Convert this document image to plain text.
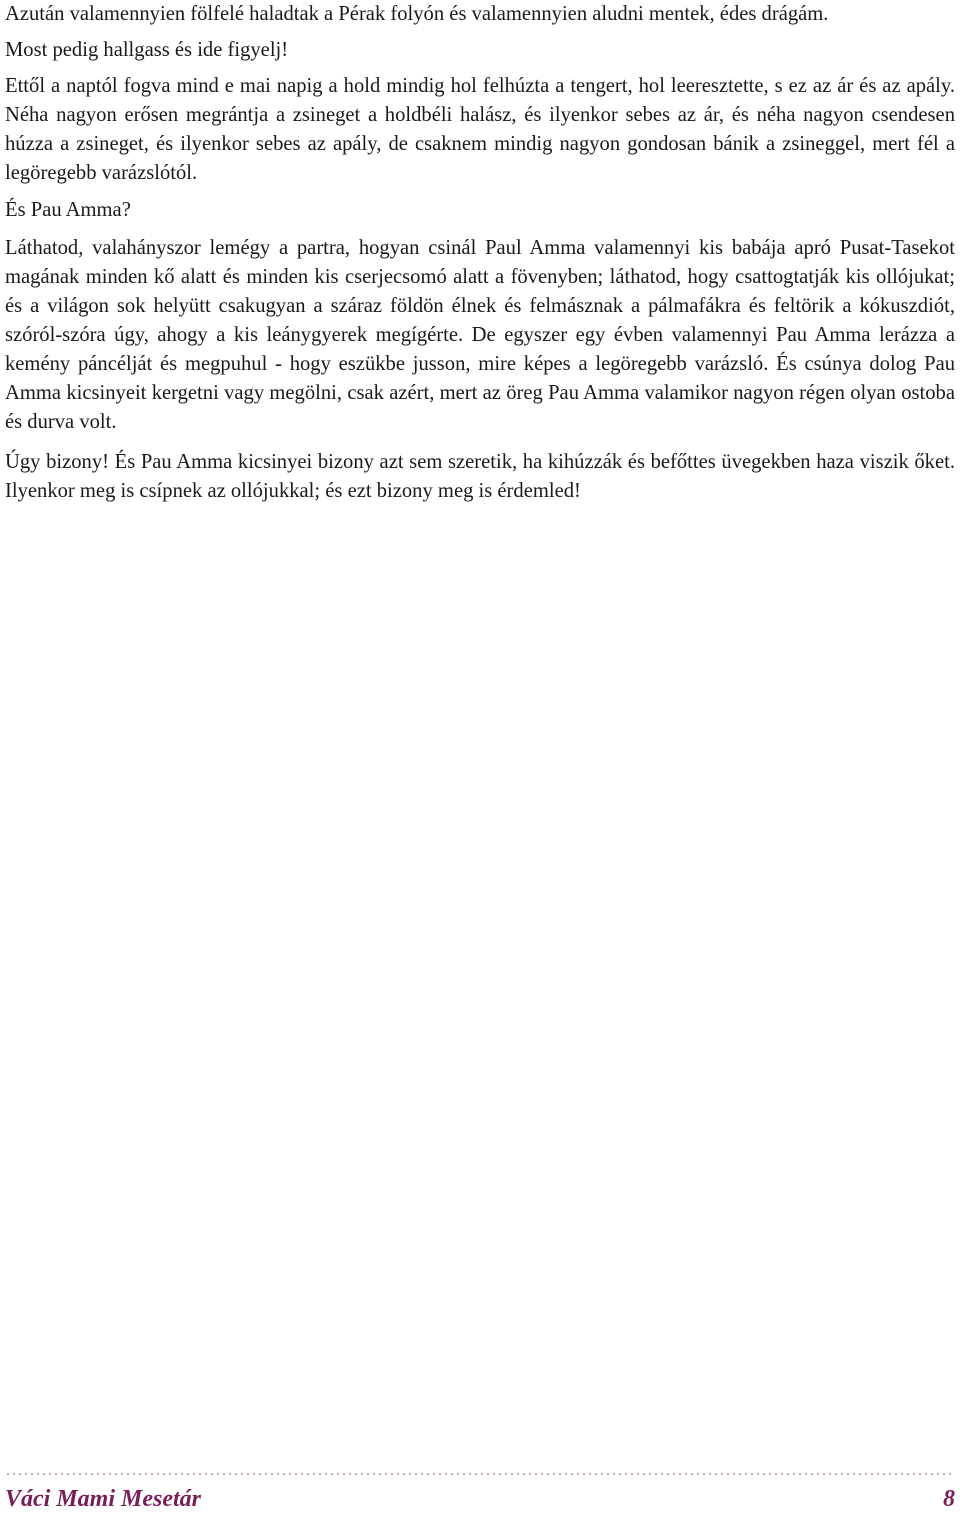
Azután valamennyien fölfelé haladtak a Pérak folyón és valamennyien aludni mentek, édes drágám.

Most pedig hallgass és ide figyelj!

Ettől a naptól fogva mind e mai napig a hold mindig hol felhúzta a tengert, hol leeresztette, s ez az ár és az apály. Néha nagyon erősen megrántja a zsineget a holdbéli halász, és ilyenkor sebes az ár, és néha nagyon csendesen húzza a zsineget, és ilyenkor sebes az apály, de csaknem mindig nagyon gondosan bánik a zsineggel, mert fél a legöregebb varázslótól.

És Pau Amma?

Láthatod, valahányszor lemégy a partra, hogyan csinál Paul Amma valamennyi kis babája apró Pusat-Tasekot magának minden kő alatt és minden kis cserjecsomó alatt a fövenyben; láthatod, hogy csattogtatják kis ollójukat; és a világon sok helyütt csakugyan a száraz földön élnek és felmásznak a pálmafákra és feltörik a kókuszdiót, szóról-szóra úgy, ahogy a kis leánygyerek megígérte. De egyszer egy évben valamennyi Pau Amma lerázza a kemény páncélját és megpuhul - hogy eszükbe jusson, mire képes a legöregebb varázsló. És csúnya dolog Pau Amma kicsinyeit kergetni vagy megölni, csak azért, mert az öreg Pau Amma valamikor nagyon régen olyan ostoba és durva volt.

Úgy bizony! És Pau Amma kicsinyei bizony azt sem szeretik, ha kihúzzák és befőttes üvegekben haza viszik őket. Ilyenkor meg is csípnek az ollójukkal; és ezt bizony meg is érdemled!

Váci Mami Mesetár	8
